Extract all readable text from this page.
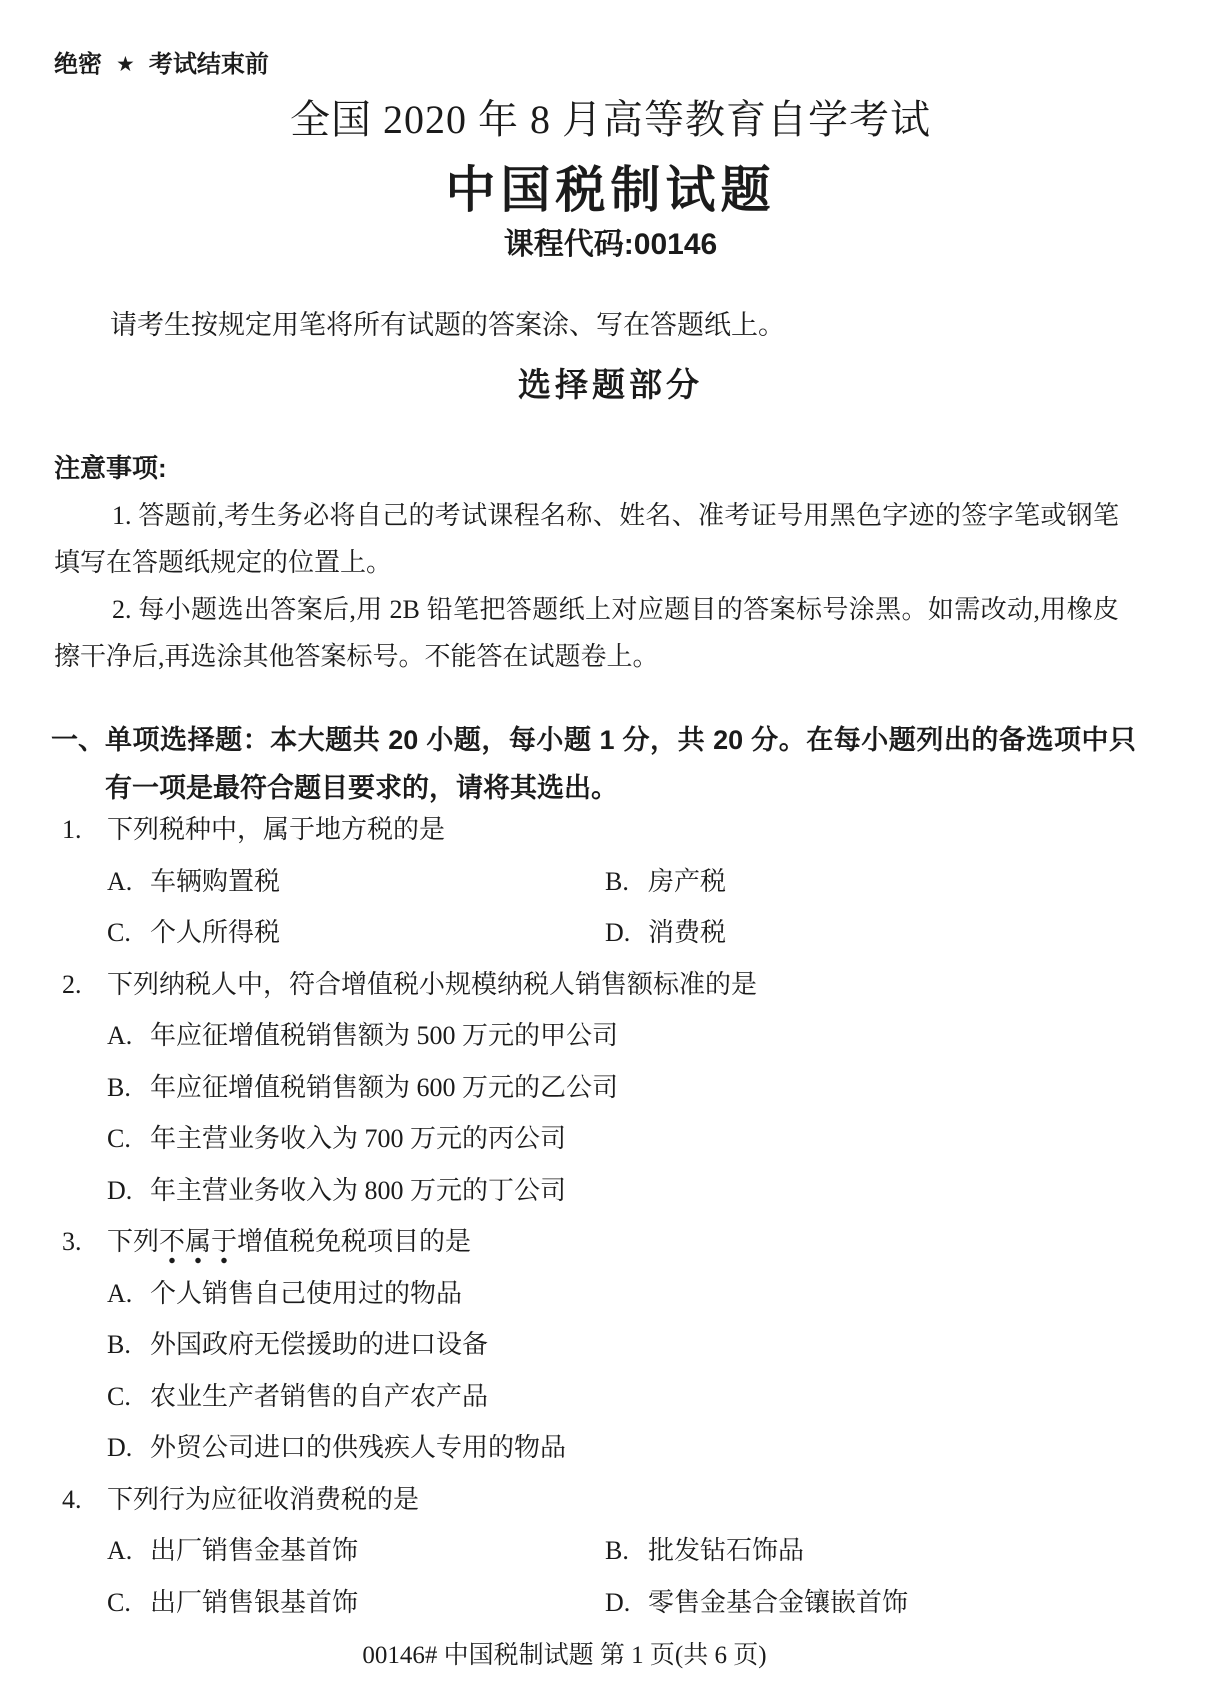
绝密 ★ 考试结束前
全国 2020 年 8 月高等教育自学考试
中国税制试题
课程代码:00146
请考生按规定用笔将所有试题的答案涂、写在答题纸上。
选择题部分
注意事项:

1. 答题前,考生务必将自己的考试课程名称、姓名、准考证号用黑色字迹的签字笔或钢笔填写在答题纸规定的位置上。

2. 每小题选出答案后,用 2B 铅笔把答题纸上对应题目的答案标号涂黑。如需改动,用橡皮擦干净后,再选涂其他答案标号。不能答在试题卷上。

一、 单项选择题：本大题共 20 小题，每小题 1 分，共 20 分。在每小题列出的备选项中只有一项是最符合题目要求的，请将其选出。
1. 下列税种中，属于地方税的是
A. 车辆购置税	B. 房产税
C. 个人所得税	D. 消费税
2. 下列纳税人中，符合增值税小规模纳税人销售额标准的是
A. 年应征增值税销售额为 500 万元的甲公司
B. 年应征增值税销售额为 600 万元的乙公司
C. 年主营业务收入为 700 万元的丙公司
D. 年主营业务收入为 800 万元的丁公司
3. 下列不属于增值税免税项目的是
A. 个人销售自己使用过的物品
B. 外国政府无偿援助的进口设备
C. 农业生产者销售的自产农产品
D. 外贸公司进口的供残疾人专用的物品
4. 下列行为应征收消费税的是
A. 出厂销售金基首饰	B. 批发钻石饰品
C. 出厂销售银基首饰	D. 零售金基合金镶嵌首饰
00146# 中国税制试题 第 1 页(共 6 页)
